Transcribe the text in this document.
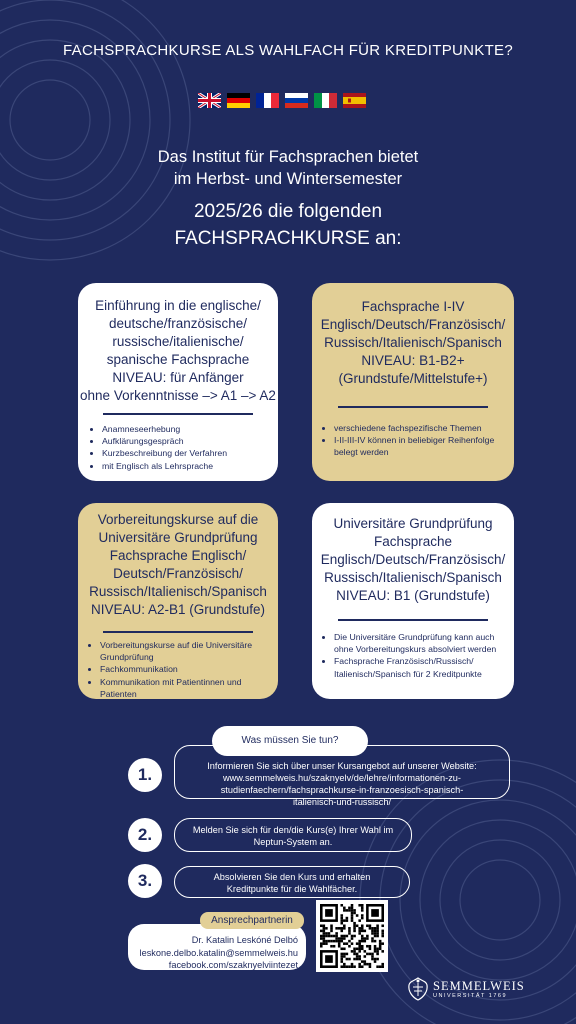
FACHSPRACHKURSE ALS WAHLFACH FÜR KREDITPUNKTE?
Das Institut für Fachsprachen bietet
im Herbst- und Wintersemester
2025/26 die folgenden
FACHSPRACHKURSE an:
Einführung in die englische/
deutsche/französische/
russische/italienische/
spanische Fachsprache
NIVEAU: für Anfänger
ohne Vorkenntnisse –> A1 –> A2
• Anamneseerhebung
• Aufklärungsgespräch
• Kurzbeschreibung der Verfahren
• mit Englisch als Lehrsprache
Fachsprache I-IV
Englisch/Deutsch/Französisch/
Russisch/Italienisch/Spanisch
NIVEAU: B1-B2+
(Grundstufe/Mittelstufe+)
• verschiedene fachspezifische Themen
• I-II-III-IV können in beliebiger Reihenfolge belegt werden
Vorbereitungskurse auf die
Universitäre Grundprüfung
Fachsprache Englisch/
Deutsch/Französisch/
Russisch/Italienisch/Spanisch
NIVEAU: A2-B1 (Grundstufe)
• Vorbereitungskurse auf die Universitäre Grundprüfung
• Fachkommunikation
• Kommunikation mit Patientinnen und Patienten
Universitäre Grundprüfung
Fachsprache
Englisch/Deutsch/Französisch/
Russisch/Italienisch/Spanisch
NIVEAU: B1 (Grundstufe)
• Die Universitäre Grundprüfung kann auch ohne Vorbereitungskurs absolviert werden
• Fachsprache Französisch/Russisch/ Italienisch/Spanisch für 2 Kreditpunkte
Informieren Sie sich über unser Kursangebot auf unserer Website:
www.semmelweis.hu/szaknyelv/de/lehre/informationen-zu-
studienfaechern/fachsprachkurse-in-franzoesisch-spanisch-
italienisch-und-russisch/
Was müssen Sie tun?
1.
Melden Sie sich für den/die Kurs(e) Ihrer Wahl im
Neptun-System an.
2.
Absolvieren Sie den Kurs und erhalten
Kreditpunkte für die Wahlfächer.
3.
Dr. Katalin Leskóné Delbó
leskone.delbo.katalin@semmelweis.hu
facebook.com/szaknyelviintezet
Ansprechpartnerin
SEMMELWEIS
UNIVERSITÄT 1769
